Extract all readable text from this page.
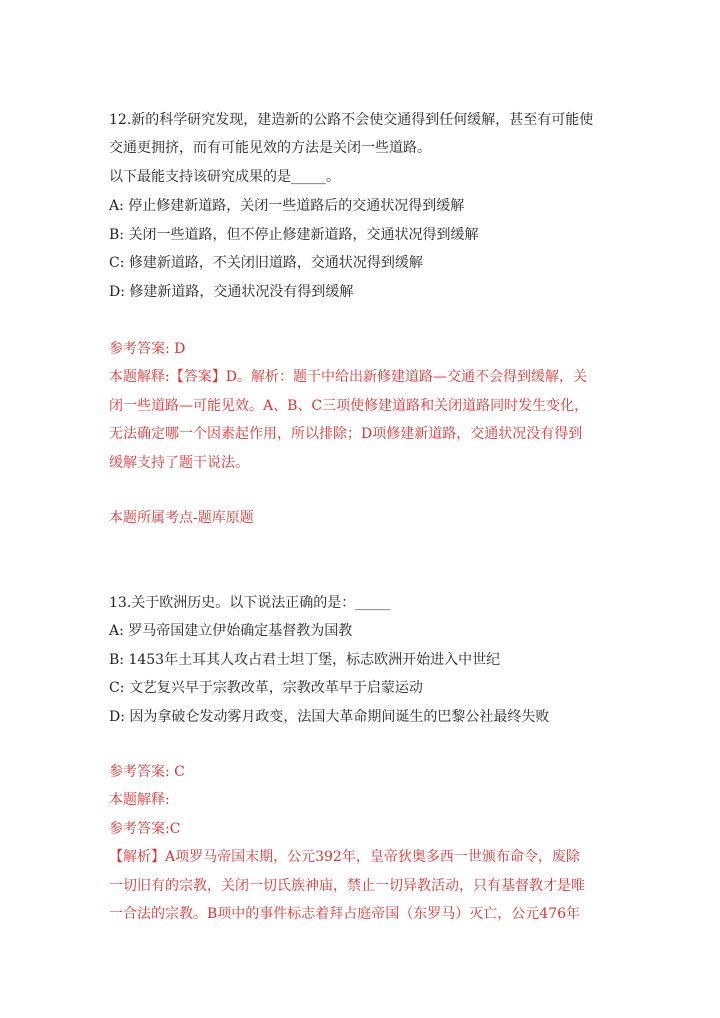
12.新的科学研究发现，建造新的公路不会使交通得到任何缓解，甚至有可能使
交通更拥挤，而有可能见效的方法是关闭一些道路。
以下最能支持该研究成果的是_____。
A: 停止修建新道路，关闭一些道路后的交通状况得到缓解
B: 关闭一些道路，但不停止修建新道路，交通状况得到缓解
C: 修建新道路，不关闭旧道路，交通状况得到缓解
D: 修建新道路，交通状况没有得到缓解
参考答案: D
本题解释:【答案】D。解析：题干中给出新修建道路—交通不会得到缓解，关
闭一些道路—可能见效。A、B、C三项使修建道路和关闭道路同时发生变化，
无法确定哪一个因素起作用，所以排除；D项修建新道路，交通状况没有得到
缓解支持了题干说法。
本题所属考点-题库原题
13.关于欧洲历史。以下说法正确的是：_____
A: 罗马帝国建立伊始确定基督教为国教
B: 1453年土耳其人攻占君士坦丁堡，标志欧洲开始进入中世纪
C: 文艺复兴早于宗教改革，宗教改革早于启蒙运动
D: 因为拿破仑发动雾月政变，法国大革命期间诞生的巴黎公社最终失败
参考答案: C
本题解释:
参考答案:C
【解析】A项罗马帝国末期，公元392年，皇帝狄奥多西一世颁布命令，废除
一切旧有的宗教，关闭一切氏族神庙，禁止一切异教活动，只有基督教才是唯
一合法的宗教。B项中的事件标志着拜占庭帝国（东罗马）灭亡，公元476年
